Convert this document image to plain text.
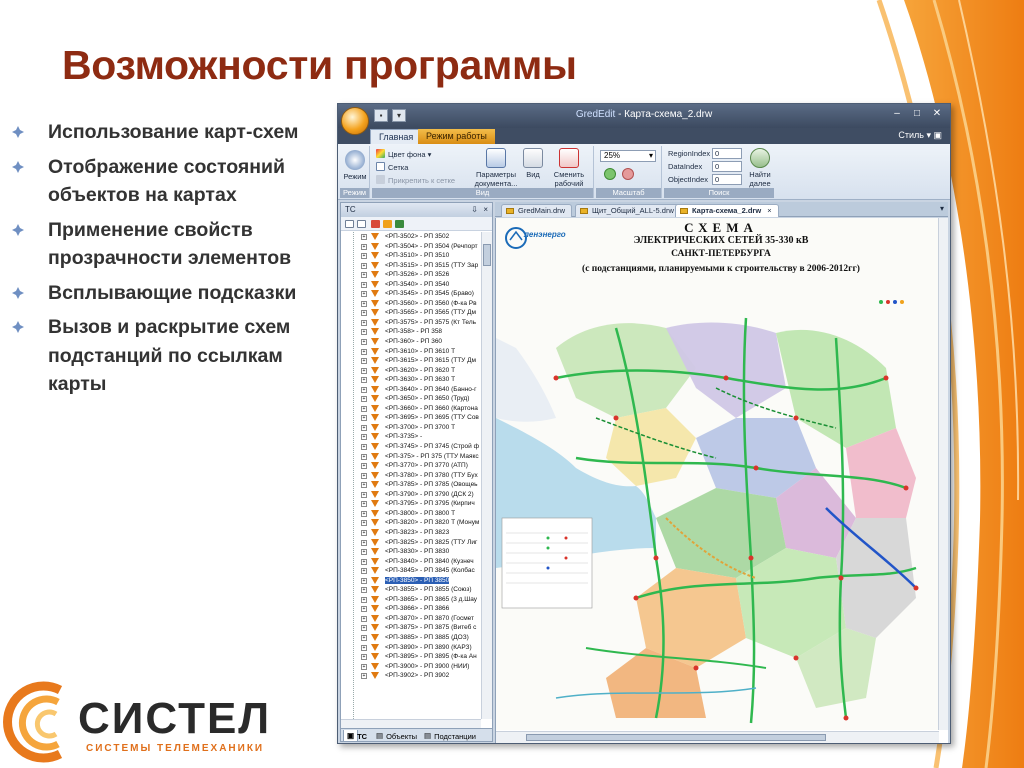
Возможности программы
Использование карт-схем
Отображение состояний объектов на картах
Применение свойств прозрачности элементов
Всплывающие подсказки
Вызов и раскрытие схем подстанций по ссылкам карты
СИСТЕЛ
СИСТЕМЫ ТЕЛЕМЕХАНИКИ
▪	▾	GredEdit - Карта-схема_2.drw	–	□	✕
Главная	Режим работы	Стиль ▾ ▣
Режим
Режим
Цвет фона ▾
Сетка
Прикрепить к сетке
Параметры документа...
Вид	Сменить рабочий
Вид
25%	▾
Масштаб
RegionIndex 0
DataIndex	0
ObjectIndex 0
Найти далее
Поиск
ТС	⇩ ×
+	<РП-3502> - РП 3502
+	<РП-3504> - РП 3504 (Речпорт
+	<РП-3510> - РП 3510
+	<РП-3515> - РП 3515 (ТТУ Зар
+	<РП-3526> - РП 3526
+	<РП-3540> - РП 3540
+	<РП-3545> - РП 3545 (Браво)
+	<РП-3560> - РП 3560 (Ф-ка Рв
+	<РП-3565> - РП 3565 (ТТУ Дм
+	<РП-3575> - РП 3575 (Кт Тель
+	<РП-358> - РП 358
+	<РП-360> - РП 360
+	<РП-3610> - РП 3610 Т
+	<РП-3615> - РП 3615 (ТТУ Дм
+	<РП-3620> - РП 3620 Т
+	<РП-3630> - РП 3630 Т
+	<РП-3640> - РП 3640 (Банно-г
+	<РП-3650> - РП 3650 (Труд)
+	<РП-3660> - РП 3660 (Картона
+	<РП-3695> - РП 3695 (ТТУ Сов
+	<РП-3700> - РП 3700 Т
+	<РП-3735> -
+	<РП-3745> - РП 3745 (Строй ф
+	<РП-375> - РП 375 (ТТУ Маякс
+	<РП-3770> - РП 3770 (АТП)
+	<РП-3780> - РП 3780 (ТТУ Бух
+	<РП-3785> - РП 3785 (Овощеь
+	<РП-3790> - РП 3790 (ДСК 2)
+	<РП-3795> - РП 3795 (Кирпич
+	<РП-3800> - РП 3800 Т
+	<РП-3820> - РП 3820 Т (Монум
+	<РП-3823> - РП 3823
+	<РП-3825> - РП 3825 (ТТУ Лиг
+	<РП-3830> - РП 3830
+	<РП-3840> - РП 3840 (Кузнеч
+	<РП-3845> - РП 3845 (Колбас
+	<РП-3850> - РП 3850
+	<РП-3855> - РП 3855 (Союз)
+	<РП-3865> - РП 3865 (3 д.Шау
+	<РП-3866> - РП 3866
+	<РП-3870> - РП 3870 (Госмет
+	<РП-3875> - РП 3875 (Витеб с
+	<РП-3885> - РП 3885 (ДОЗ)
+	<РП-3890> - РП 3890 (КАРЗ)
+	<РП-3895> - РП 3895 (Ф-ка Ан
+	<РП-3900> - РП 3900 (НИИ)
+	<РП-3902> - РП 3902
▣ ТС	▤ Объекты ▤ Подстанции
GredMain.drw	Щит_Общий_ALL-5.drw	Карта-схема_2.drw ×	▾
ленэнерго	СХЕМА
ЭЛЕКТРИЧЕСКИХ СЕТЕЙ 35-330 кВ
САНКТ-ПЕТЕРБУРГА
(с подстанциями, планируемыми к строительству в 2006-2012гг)
